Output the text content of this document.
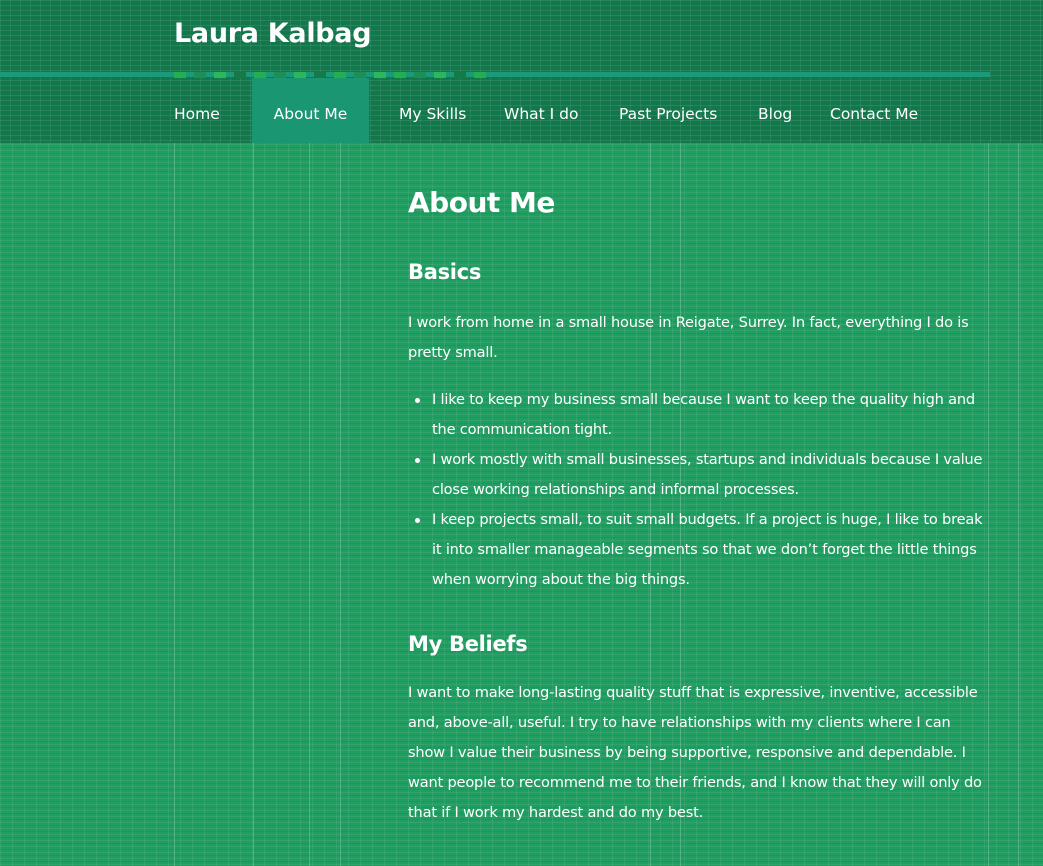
Laura Kalbag
Home	About Me	My Skills What I do	Past Projects	Blog Contact Me
About Me
Basics

I work from home in a small house in Reigate, Surrey. In fact, everything I do is pretty small.

I like to keep my business small because I want to keep the quality high and the communication tight.
I work mostly with small businesses, startups and individuals because I value close working relationships and informal processes.
I keep projects small, to suit small budgets. If a project is huge, I like to break it into smaller manageable segments so that we don’t forget the little things when worrying about the big things.
My Beliefs

I want to make long-lasting quality stuff that is expressive, inventive, accessible and, above-all, useful. I try to have relationships with my clients where I can show I value their business by being supportive, responsive and dependable. I want people to recommend me to their friends, and I know that they will only do that if I work my hardest and do my best.
